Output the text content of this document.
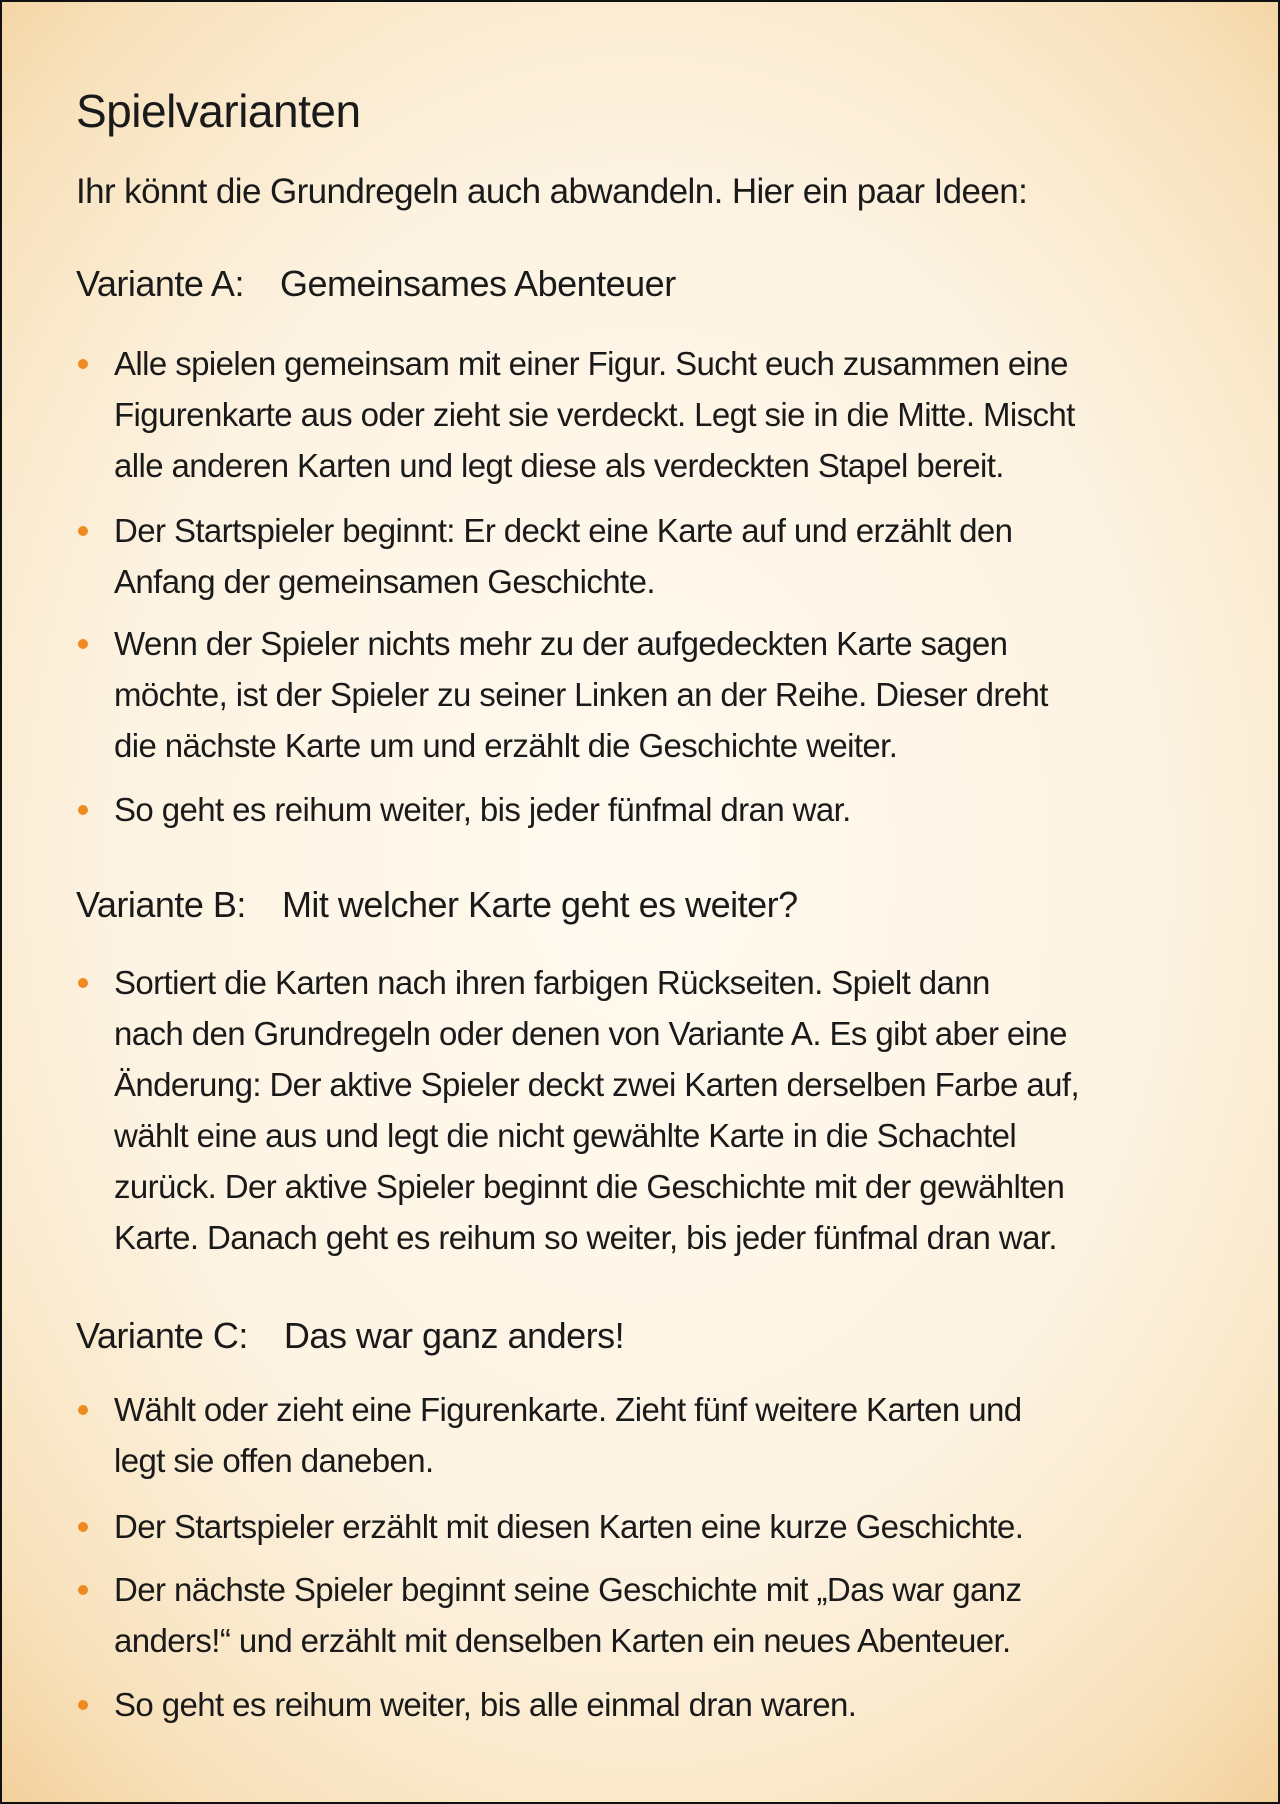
Spielvarianten
Ihr könnt die Grundregeln auch abwandeln. Hier ein paar Ideen:
Variante A: Gemeinsames Abenteuer
Alle spielen gemeinsam mit einer Figur. Sucht euch zusammen eine
Figurenkarte aus oder zieht sie verdeckt. Legt sie in die Mitte. Mischt
alle anderen Karten und legt diese als verdeckten Stapel bereit.
Der Startspieler beginnt: Er deckt eine Karte auf und erzählt den
Anfang der gemeinsamen Geschichte.
Wenn der Spieler nichts mehr zu der aufgedeckten Karte sagen
möchte, ist der Spieler zu seiner Linken an der Reihe. Dieser dreht
die nächste Karte um und erzählt die Geschichte weiter.
So geht es reihum weiter, bis jeder fünfmal dran war.
Variante B: Mit welcher Karte geht es weiter?
Sortiert die Karten nach ihren farbigen Rückseiten. Spielt dann
nach den Grundregeln oder denen von Variante A. Es gibt aber eine
Änderung: Der aktive Spieler deckt zwei Karten derselben Farbe auf,
wählt eine aus und legt die nicht gewählte Karte in die Schachtel
zurück. Der aktive Spieler beginnt die Geschichte mit der gewählten
Karte. Danach geht es reihum so weiter, bis jeder fünfmal dran war.
Variante C: Das war ganz anders!
Wählt oder zieht eine Figurenkarte. Zieht fünf weitere Karten und
legt sie offen daneben.
Der Startspieler erzählt mit diesen Karten eine kurze Geschichte.
Der nächste Spieler beginnt seine Geschichte mit „Das war ganz
anders!“ und erzählt mit denselben Karten ein neues Abenteuer.
So geht es reihum weiter, bis alle einmal dran waren.
